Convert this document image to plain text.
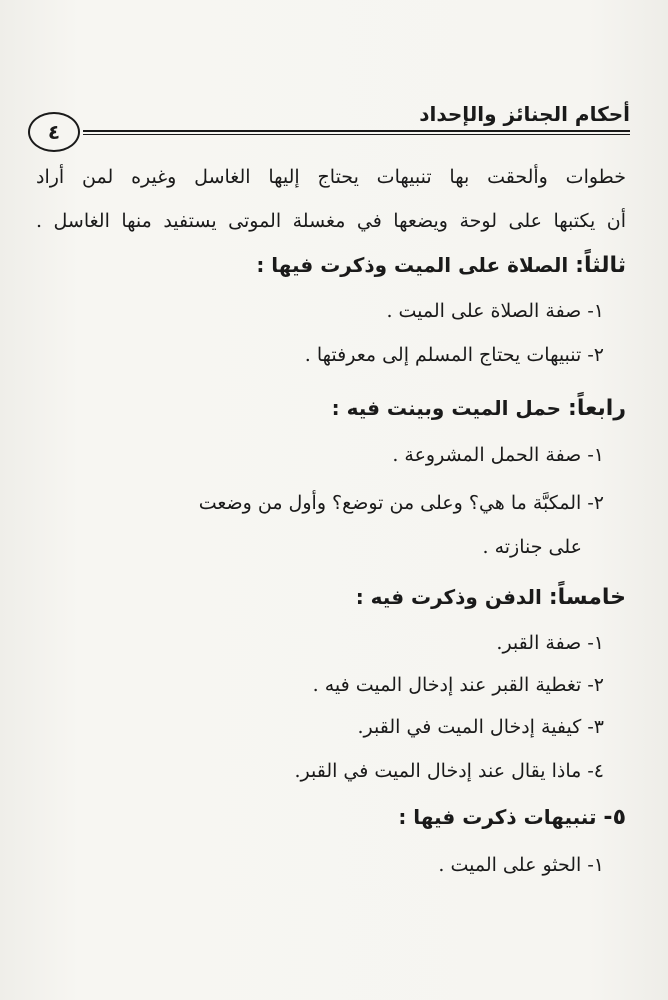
أحكام الجنائز والإحداد
٤
خطوات وألحقت بها تنبيهات يحتاج إليها الغاسل وغيره لمن أراد
أن يكتبها على لوحة ويضعها في مغسلة الموتى يستفيد منها الغاسل .
ثالثاً: الصلاة على الميت وذكرت فيها :
١- صفة الصلاة على الميت .
٢- تنبيهات يحتاج المسلم إلى معرفتها .
رابعاً: حمل الميت وبينت فيه :
١- صفة الحمل المشروعة .
٢- المكبَّة ما هي؟ وعلى من توضع؟ وأول من وضعت
على جنازته .
خامساً: الدفن وذكرت فيه :
١- صفة القبر.
٢- تغطية القبر عند إدخال الميت فيه .
٣- كيفية إدخال الميت في القبر.
٤- ماذا يقال عند إدخال الميت في القبر.
٥- تنبيهات ذكرت فيها :
١- الحثو على الميت .
